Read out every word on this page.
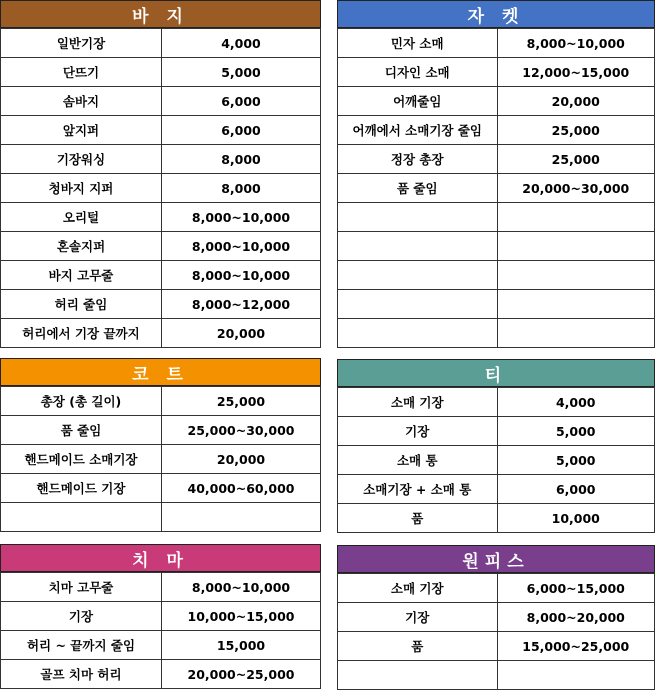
바 지
일반기장	4,000
단뜨기	5,000
솜바지	6,000
앞지퍼	6,000
기장워싱	8,000
청바지 지퍼	8,000
오리털	8,000~10,000
혼솔지퍼	8,000~10,000
바지 고무줄	8,000~10,000
허리 줄임	8,000~12,000
허리에서 기장 끝까지	20,000
자 켓
민자 소매	8,000~10,000
디자인 소매	12,000~15,000
어깨줄임	20,000
어깨에서 소매기장 줄임	25,000
정장 총장	25,000
품 줄임	20,000~30,000

코 트
총장 (총 길이)	25,000
품 줄임	25,000~30,000
핸드메이드 소매기장	20,000
핸드메이드 기장	40,000~60,000

티
소매 기장	4,000
기장	5,000
소매 통	5,000
소매기장 + 소매 통	6,000
품	10,000
치 마
치마 고무줄	8,000~10,000
기장	10,000~15,000
허리 ~ 끝까지 줄임	15,000
골프 치마 허리	20,000~25,000
원피스
소매 기장	6,000~15,000
기장	8,000~20,000
품	15,000~25,000
